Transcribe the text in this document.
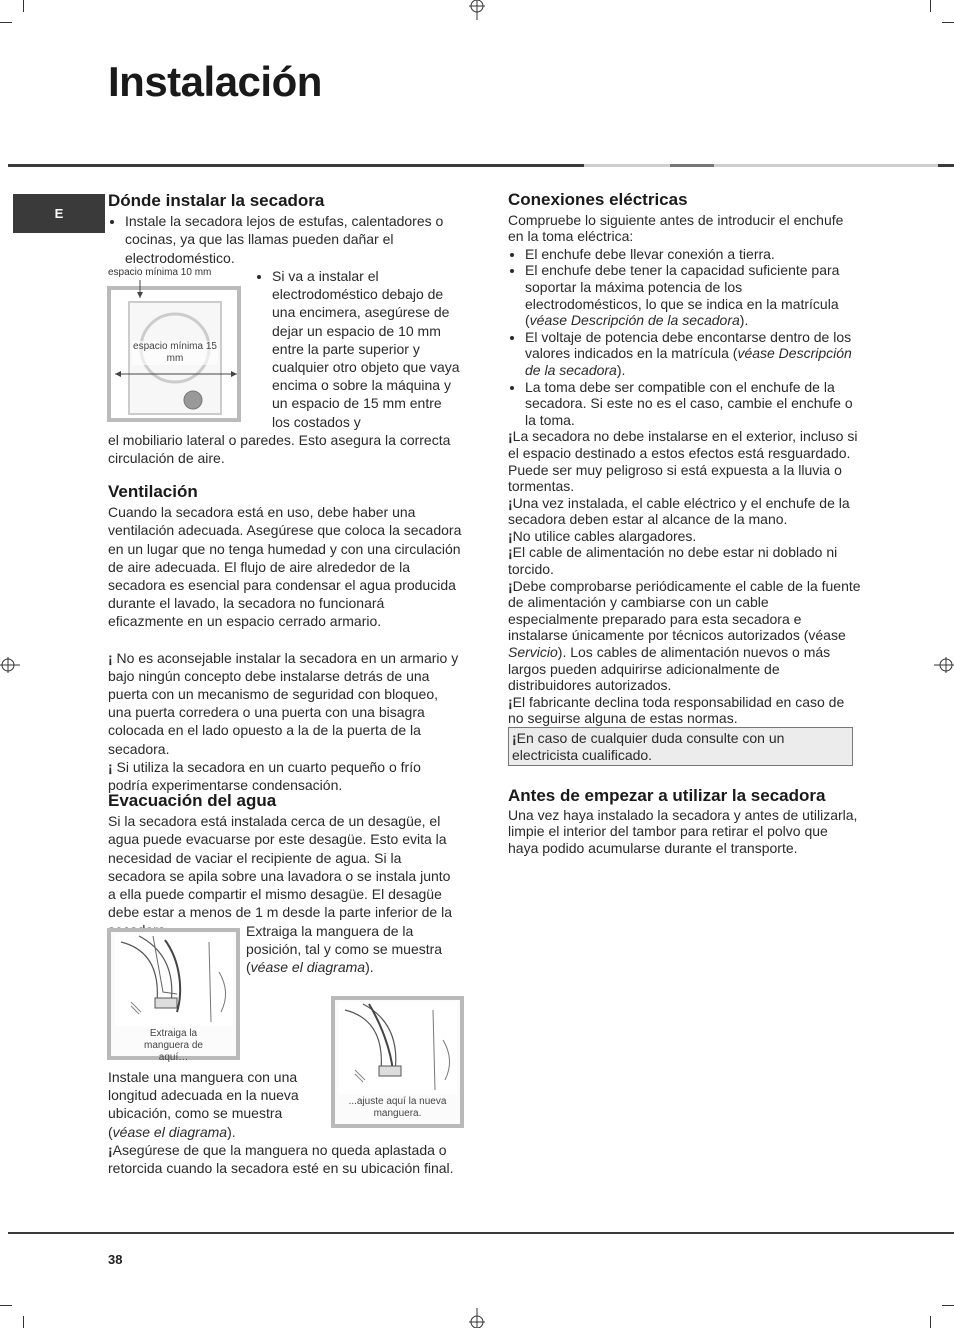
Instalación
E
Dónde instalar la secadora
• Instale la secadora lejos de estufas, calentadores o cocinas, ya que las llamas pueden dañar el electrodoméstico.
espacio mínima 10 mm
espacio mínima 15 mm
• Si va a instalar el electrodoméstico debajo de una encimera, asegúrese de dejar un espacio de 10 mm entre la parte superior y cualquier otro objeto que vaya encima o sobre la máquina y un espacio de 15 mm entre los costados y
el mobiliario lateral o paredes. Esto asegura la correcta circulación de aire.
Ventilación

Cuando la secadora está en uso, debe haber una ventilación adecuada. Asegúrese que coloca la secadora en un lugar que no tenga humedad y con una circulación de aire adecuada. El flujo de aire alrededor de la secadora es esencial para condensar el agua producida durante el lavado, la secadora no funcionará eficazmente en un espacio cerrado armario.

¡ No es aconsejable instalar la secadora en un armario y bajo ningún concepto debe instalarse detrás de una puerta con un mecanismo de seguridad con bloqueo, una puerta corredera o una puerta con una bisagra colocada en el lado opuesto a la de la puerta de la secadora.

¡ Si utiliza la secadora en un cuarto pequeño o frío podría experimentarse condensación.

Evacuación del agua

Si la secadora está instalada cerca de un desagüe, el agua puede evacuarse por este desagüe. Esto evita la necesidad de vaciar el recipiente de agua. Si la secadora se apila sobre una lavadora o se instala junto a ella puede compartir el mismo desagüe. El desagüe debe estar a menos de 1 m desde la parte inferior de la

Extraiga la manguera de aquí…
Extraiga la manguera de la posición, tal y como se muestra (véase el diagrama).
...ajuste aquí la nueva manguera.
Instale una manguera con una longitud adecuada en la nueva ubicación, como se muestra (véase el diagrama).
¡ Asegúrese de que la manguera no queda aplastada o retorcida cuando la secadora esté en su ubicación final.
Conexiones eléctricas

Compruebe lo siguiente antes de introducir el enchufe en la toma eléctrica:

• El enchufe debe llevar conexión a tierra.
• El enchufe debe tener la capacidad suficiente para soportar la máxima potencia de los electrodomésticos, lo que se indica en la matrícula (véase Descripción de la secadora).
• El voltaje de potencia debe encontarse dentro de los valores indicados en la matrícula (véase Descripción de la secadora).
• La toma debe ser compatible con el enchufe de la secadora. Si este no es el caso, cambie el enchufe o la toma.

¡ La secadora no debe instalarse en el exterior, incluso si el espacio destinado a estos efectos está resguardado. Puede ser muy peligroso si está expuesta a la lluvia o tormentas.

¡ Una vez instalada, el cable eléctrico y el enchufe de la secadora deben estar al alcance de la mano.

¡ No utilice cables alargadores.

¡ El cable de alimentación no debe estar ni doblado ni torcido.

¡ Debe comprobarse periódicamente el cable de la fuente de alimentación y cambiarse con un cable especialmente preparado para esta secadora e instalarse únicamente por técnicos autorizados (véase Servicio). Los cables de alimentación nuevos o más largos pueden adquirirse adicionalmente de distribuidores autorizados.

¡ El fabricante declina toda responsabilidad en caso de no seguirse alguna de estas normas.

¡ En caso de cualquier duda consulte con un electricista cualificado.

Antes de empezar a utilizar la secadora

Una vez haya instalado la secadora y antes de utilizarla, limpie el interior del tambor para retirar el polvo que haya podido acumularse durante el transporte.

38
